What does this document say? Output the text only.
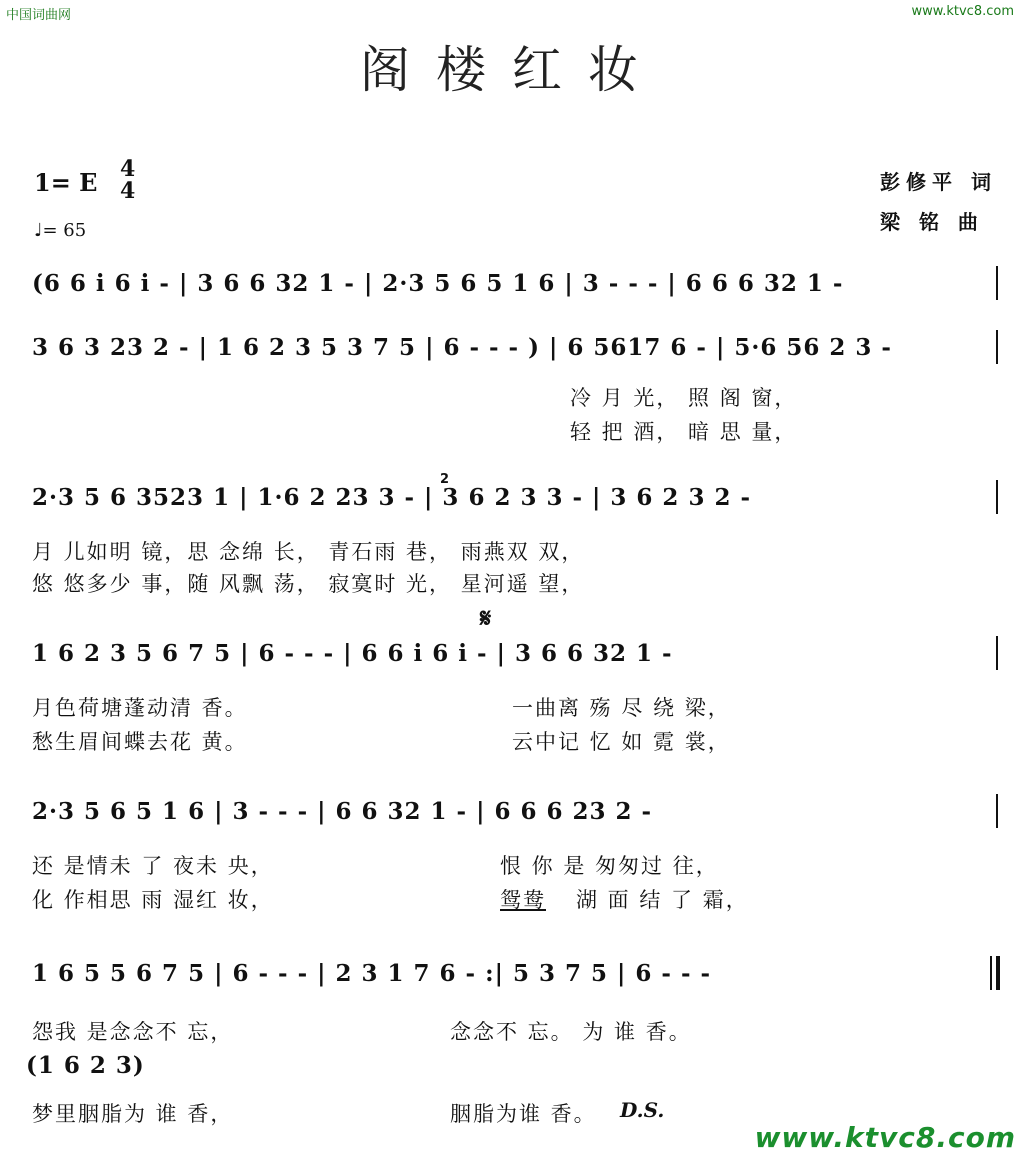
中国词曲网	www.ktvc8.com
阁楼红妆
1= E 4
4
♩= 65
彭修平 词
梁 铭 曲
(6 6 i 6 i - | 3 6 6 32 1 - | 2·3 5 6 5 1 6 | 3 - - - | 6 6 6 32 1 -
3 6 3 23 2 - | 1 6 2 3 5 3 7 5 | 6 - - - ) | 6 5617 6 - | 5·6 56 2 3 -
冷 月 光， 照 阁 窗，
轻 把 酒， 暗 思 量，
2·3 5 6 3523 1 | 1·6 2 23 3 - | 3 6 2 3 3 - | 3 6 2 3 2 -
2
月 儿如明 镜，思 念绵 长， 青石雨 巷， 雨燕双 双，
悠 悠多少 事，随 风飘 荡， 寂寞时 光， 星河遥 望，
𝄋
1 6 2 3 5 6 7 5 | 6 - - - | 6 6 i 6 i - | 3 6 6 32 1 -
月色荷塘蓬动清 香。	一曲离 殇 尽 绕 梁，
愁生眉间蝶去花 黄。	云中记 忆 如 霓 裳，
2·3 5 6 5 1 6 | 3 - - - | 6 6 32 1 - | 6 6 6 23 2 -
还 是情未 了 夜未 央，	恨 你 是 匆匆过 往，
化 作相思 雨 湿红 妆，	鸳鸯 湖 面 结 了 霜，
1 6 5 5 6 7 5 | 6 - - - | 2 3 1 7 6 - :| 5 3 7 5 | 6 - - -
怨我 是念念不 忘，	念念不 忘。 为 谁 香。
(1 6 2 3)
梦里胭脂为 谁 香，	胭脂为谁 香。 D.S.
www.ktvc8.com
